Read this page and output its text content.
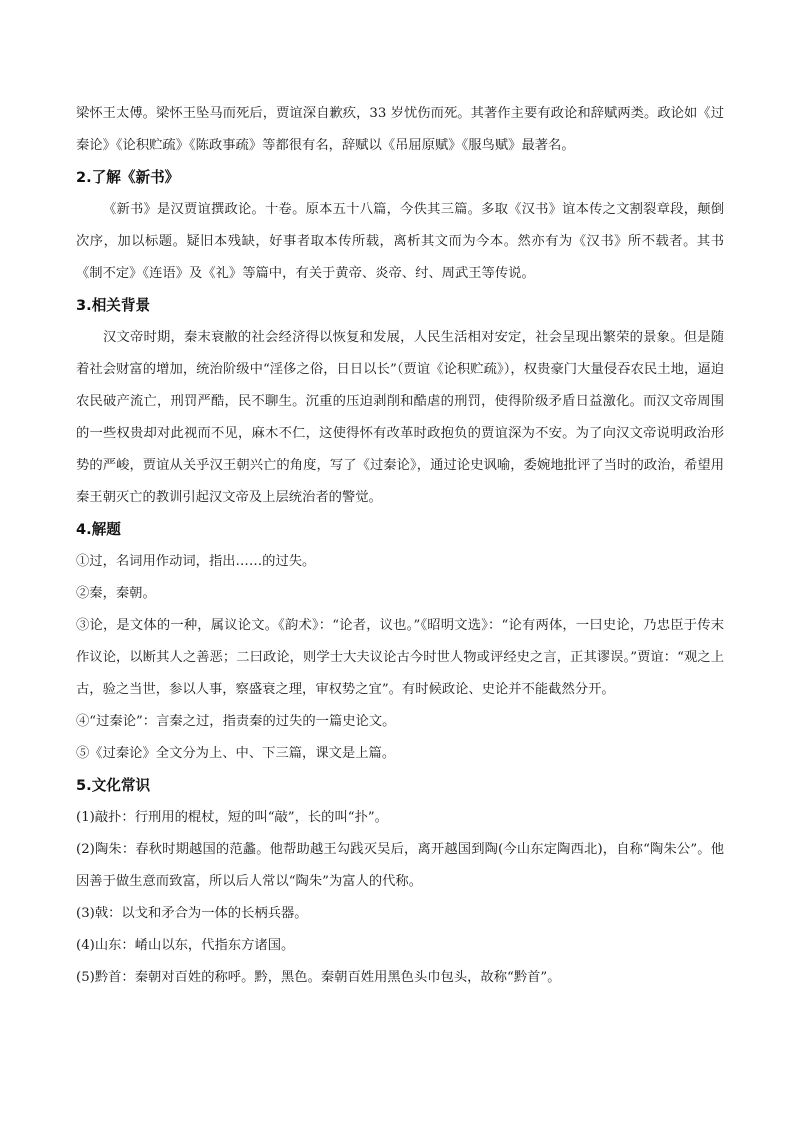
梁怀王太傅。梁怀王坠马而死后，贾谊深自歉疚，33 岁忧伤而死。其著作主要有政论和辞赋两类。政论如《过秦论》《论积贮疏》《陈政事疏》等都很有名，辞赋以《吊屈原赋》《服鸟赋》最著名。

2.了解《新书》

《新书》是汉贾谊撰政论。十卷。原本五十八篇，今佚其三篇。多取《汉书》谊本传之文割裂章段，颠倒次序，加以标题。疑旧本残缺，好事者取本传所载，离析其文而为今本。然亦有为《汉书》所不载者。其书《制不定》《连语》及《礼》等篇中，有关于黄帝、炎帝、纣、周武王等传说。

3.相关背景

汉文帝时期，秦末衰敝的社会经济得以恢复和发展，人民生活相对安定，社会呈现出繁荣的景象。但是随着社会财富的增加，统治阶级中“淫侈之俗，日日以长”（贾谊《论积贮疏》），权贵豪门大量侵吞农民土地，逼迫农民破产流亡，刑罚严酷，民不聊生。沉重的压迫剥削和酷虐的刑罚，使得阶级矛盾日益激化。而汉文帝周围的一些权贵却对此视而不见，麻木不仁，这使得怀有改革时政抱负的贾谊深为不安。为了向汉文帝说明政治形势的严峻，贾谊从关乎汉王朝兴亡的角度，写了《过秦论》，通过论史讽喻，委婉地批评了当时的政治，希望用秦王朝灭亡的教训引起汉文帝及上层统治者的警觉。

4.解题

①过，名词用作动词，指出……的过失。

②秦，秦朝。

③论，是文体的一种，属议论文。《韵术》：“论者，议也。”《昭明文选》：“论有两体，一曰史论，乃忠臣于传末作议论，以断其人之善恶；二曰政论，则学士大夫议论古今时世人物或评经史之言，正其谬误。”贾谊：“观之上古，验之当世，参以人事，察盛衰之理，审权势之宜”。有时候政论、史论并不能截然分开。

④“过秦论”：言秦之过，指责秦的过失的一篇史论文。

⑤《过秦论》全文分为上、中、下三篇，课文是上篇。

5.文化常识

(1)敲扑：行刑用的棍杖，短的叫“敲”，长的叫“扑”。

(2)陶朱：春秋时期越国的范蠡。他帮助越王勾践灭吴后，离开越国到陶(今山东定陶西北)，自称“陶朱公”。他因善于做生意而致富，所以后人常以“陶朱”为富人的代称。

(3)戟：以戈和矛合为一体的长柄兵器。

(4)山东：崤山以东，代指东方诸国。

(5)黔首：秦朝对百姓的称呼。黔，黑色。秦朝百姓用黑色头巾包头，故称“黔首”。
